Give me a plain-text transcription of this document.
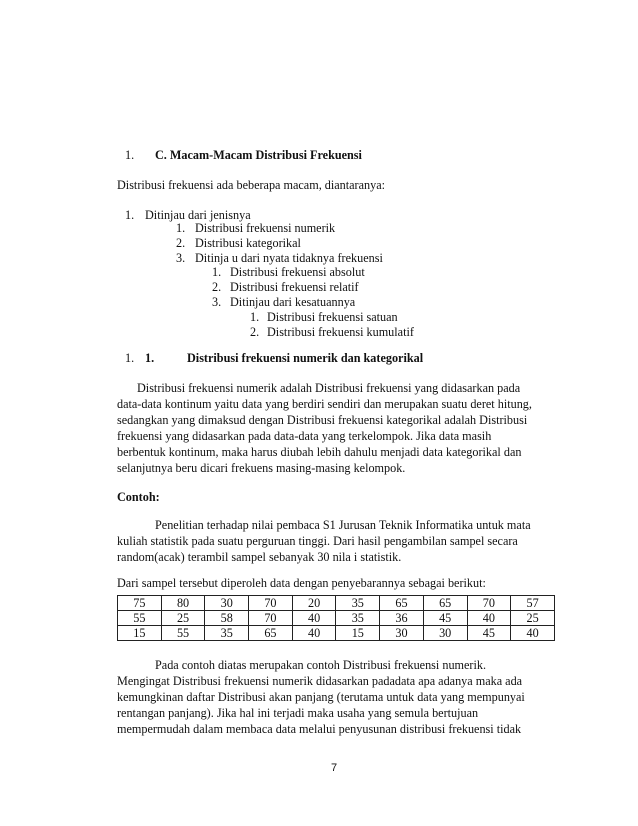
1. C. Macam-Macam Distribusi Frekuensi
Distribusi frekuensi ada beberapa macam, diantaranya:
1. Ditinjau dari jenisnya
1. Distribusi frekuensi numerik
2. Distribusi kategorikal
3. Ditinja u dari nyata tidaknya frekuensi
1. Distribusi frekuensi absolut
2. Distribusi frekuensi relatif
3. Ditinjau dari kesatuannya
1. Distribusi frekuensi satuan
2. Distribusi frekuensi kumulatif
1. 1.	Distribusi frekuensi numerik dan kategorikal
Distribusi frekuensi numerik adalah Distribusi frekuensi yang didasarkan pada
data-data kontinum yaitu data yang berdiri sendiri dan merupakan suatu deret hitung,
sedangkan yang dimaksud dengan Distribusi frekuensi kategorikal adalah Distribusi
frekuensi yang didasarkan pada data-data yang terkelompok. Jika data masih
berbentuk kontinum, maka harus diubah lebih dahulu menjadi data kategorikal dan
selanjutnya beru dicari frekuens masing-masing kelompok.
Contoh:
Penelitian terhadap nilai pembaca S1 Jurusan Teknik Informatika untuk mata
kuliah statistik pada suatu perguruan tinggi. Dari hasil pengambilan sampel secara
random(acak) terambil sampel sebanyak 30 nila i statistik.
Dari sampel tersebut diperoleh data dengan penyebarannya sebagai berikut:
75	80	30	70	20	35	65	65	70	57
55	25	58	70	40	35	36	45	40	25
15	55	35	65	40	15	30	30	45	40
Pada contoh diatas merupakan contoh Distribusi frekuensi numerik.
Mengingat Distribusi frekuensi numerik didasarkan padadata apa adanya maka ada
kemungkinan daftar Distribusi akan panjang (terutama untuk data yang mempunyai
rentangan panjang). Jika hal ini terjadi maka usaha yang semula bertujuan
mempermudah dalam membaca data melalui penyusunan distribusi frekuensi tidak
7
